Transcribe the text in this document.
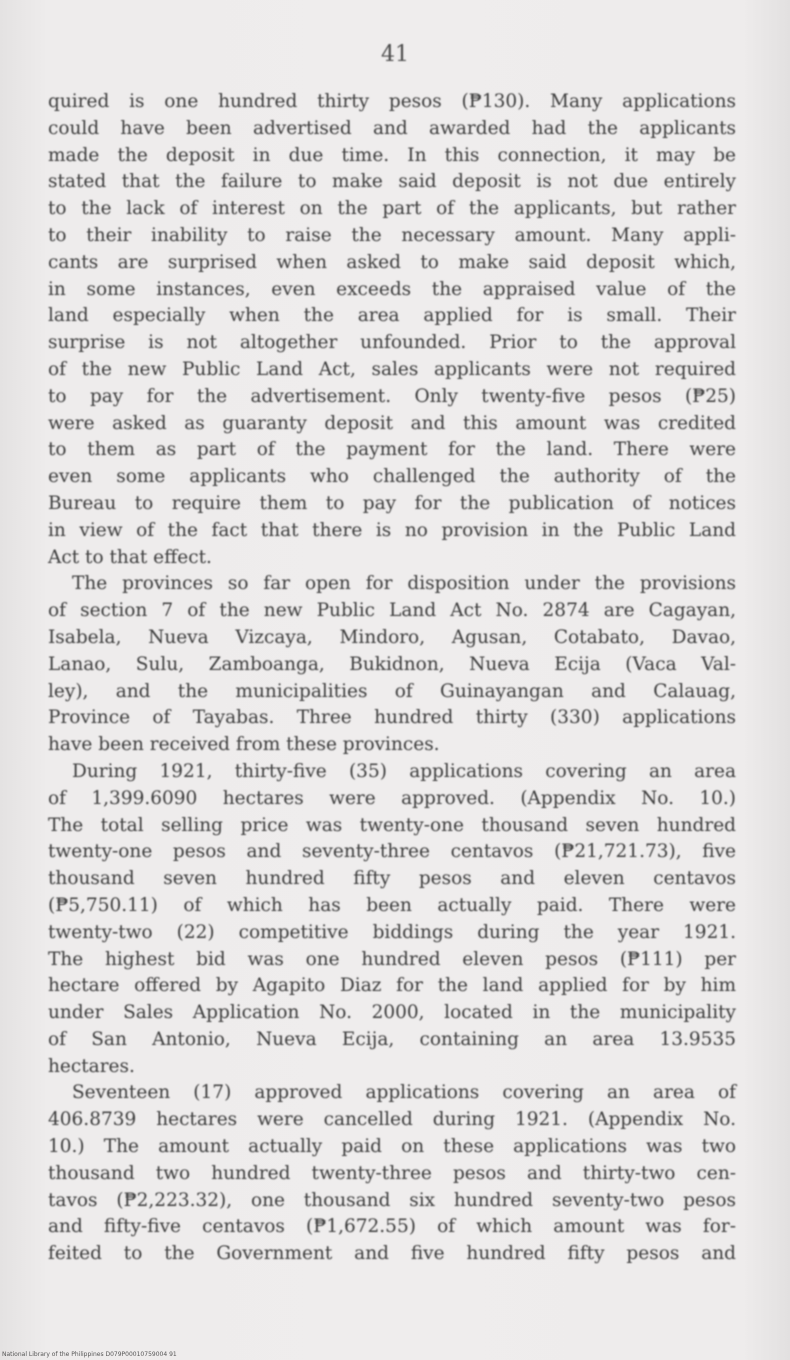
41
quired is one hundred thirty pesos (₱130). Many applications
could have been advertised and awarded had the applicants
made the deposit in due time. In this connection, it may be
stated that the failure to make said deposit is not due entirely
to the lack of interest on the part of the applicants, but rather
to their inability to raise the necessary amount. Many appli-
cants are surprised when asked to make said deposit which,
in some instances, even exceeds the appraised value of the
land especially when the area applied for is small. Their
surprise is not altogether unfounded. Prior to the approval
of the new Public Land Act, sales applicants were not required
to pay for the advertisement. Only twenty-five pesos (₱25)
were asked as guaranty deposit and this amount was credited
to them as part of the payment for the land. There were
even some applicants who challenged the authority of the
Bureau to require them to pay for the publication of notices
in view of the fact that there is no provision in the Public Land
Act to that effect.
The provinces so far open for disposition under the provisions
of section 7 of the new Public Land Act No. 2874 are Cagayan,
Isabela, Nueva Vizcaya, Mindoro, Agusan, Cotabato, Davao,
Lanao, Sulu, Zamboanga, Bukidnon, Nueva Ecija (Vaca Val-
ley), and the municipalities of Guinayangan and Calauag,
Province of Tayabas. Three hundred thirty (330) applications
have been received from these provinces.
During 1921, thirty-five (35) applications covering an area
of 1,399.6090 hectares were approved. (Appendix No. 10.)
The total selling price was twenty-one thousand seven hundred
twenty-one pesos and seventy-three centavos (₱21,721.73), five
thousand seven hundred fifty pesos and eleven centavos
(₱5,750.11) of which has been actually paid. There were
twenty-two (22) competitive biddings during the year 1921.
The highest bid was one hundred eleven pesos (₱111) per
hectare offered by Agapito Diaz for the land applied for by him
under Sales Application No. 2000, located in the municipality
of San Antonio, Nueva Ecija, containing an area 13.9535
hectares.
Seventeen (17) approved applications covering an area of
406.8739 hectares were cancelled during 1921. (Appendix No.
10.) The amount actually paid on these applications was two
thousand two hundred twenty-three pesos and thirty-two cen-
tavos (₱2,223.32), one thousand six hundred seventy-two pesos
and fifty-five centavos (₱1,672.55) of which amount was for-
feited to the Government and five hundred fifty pesos and
National Library of the Philippines D079P00010759004 91
